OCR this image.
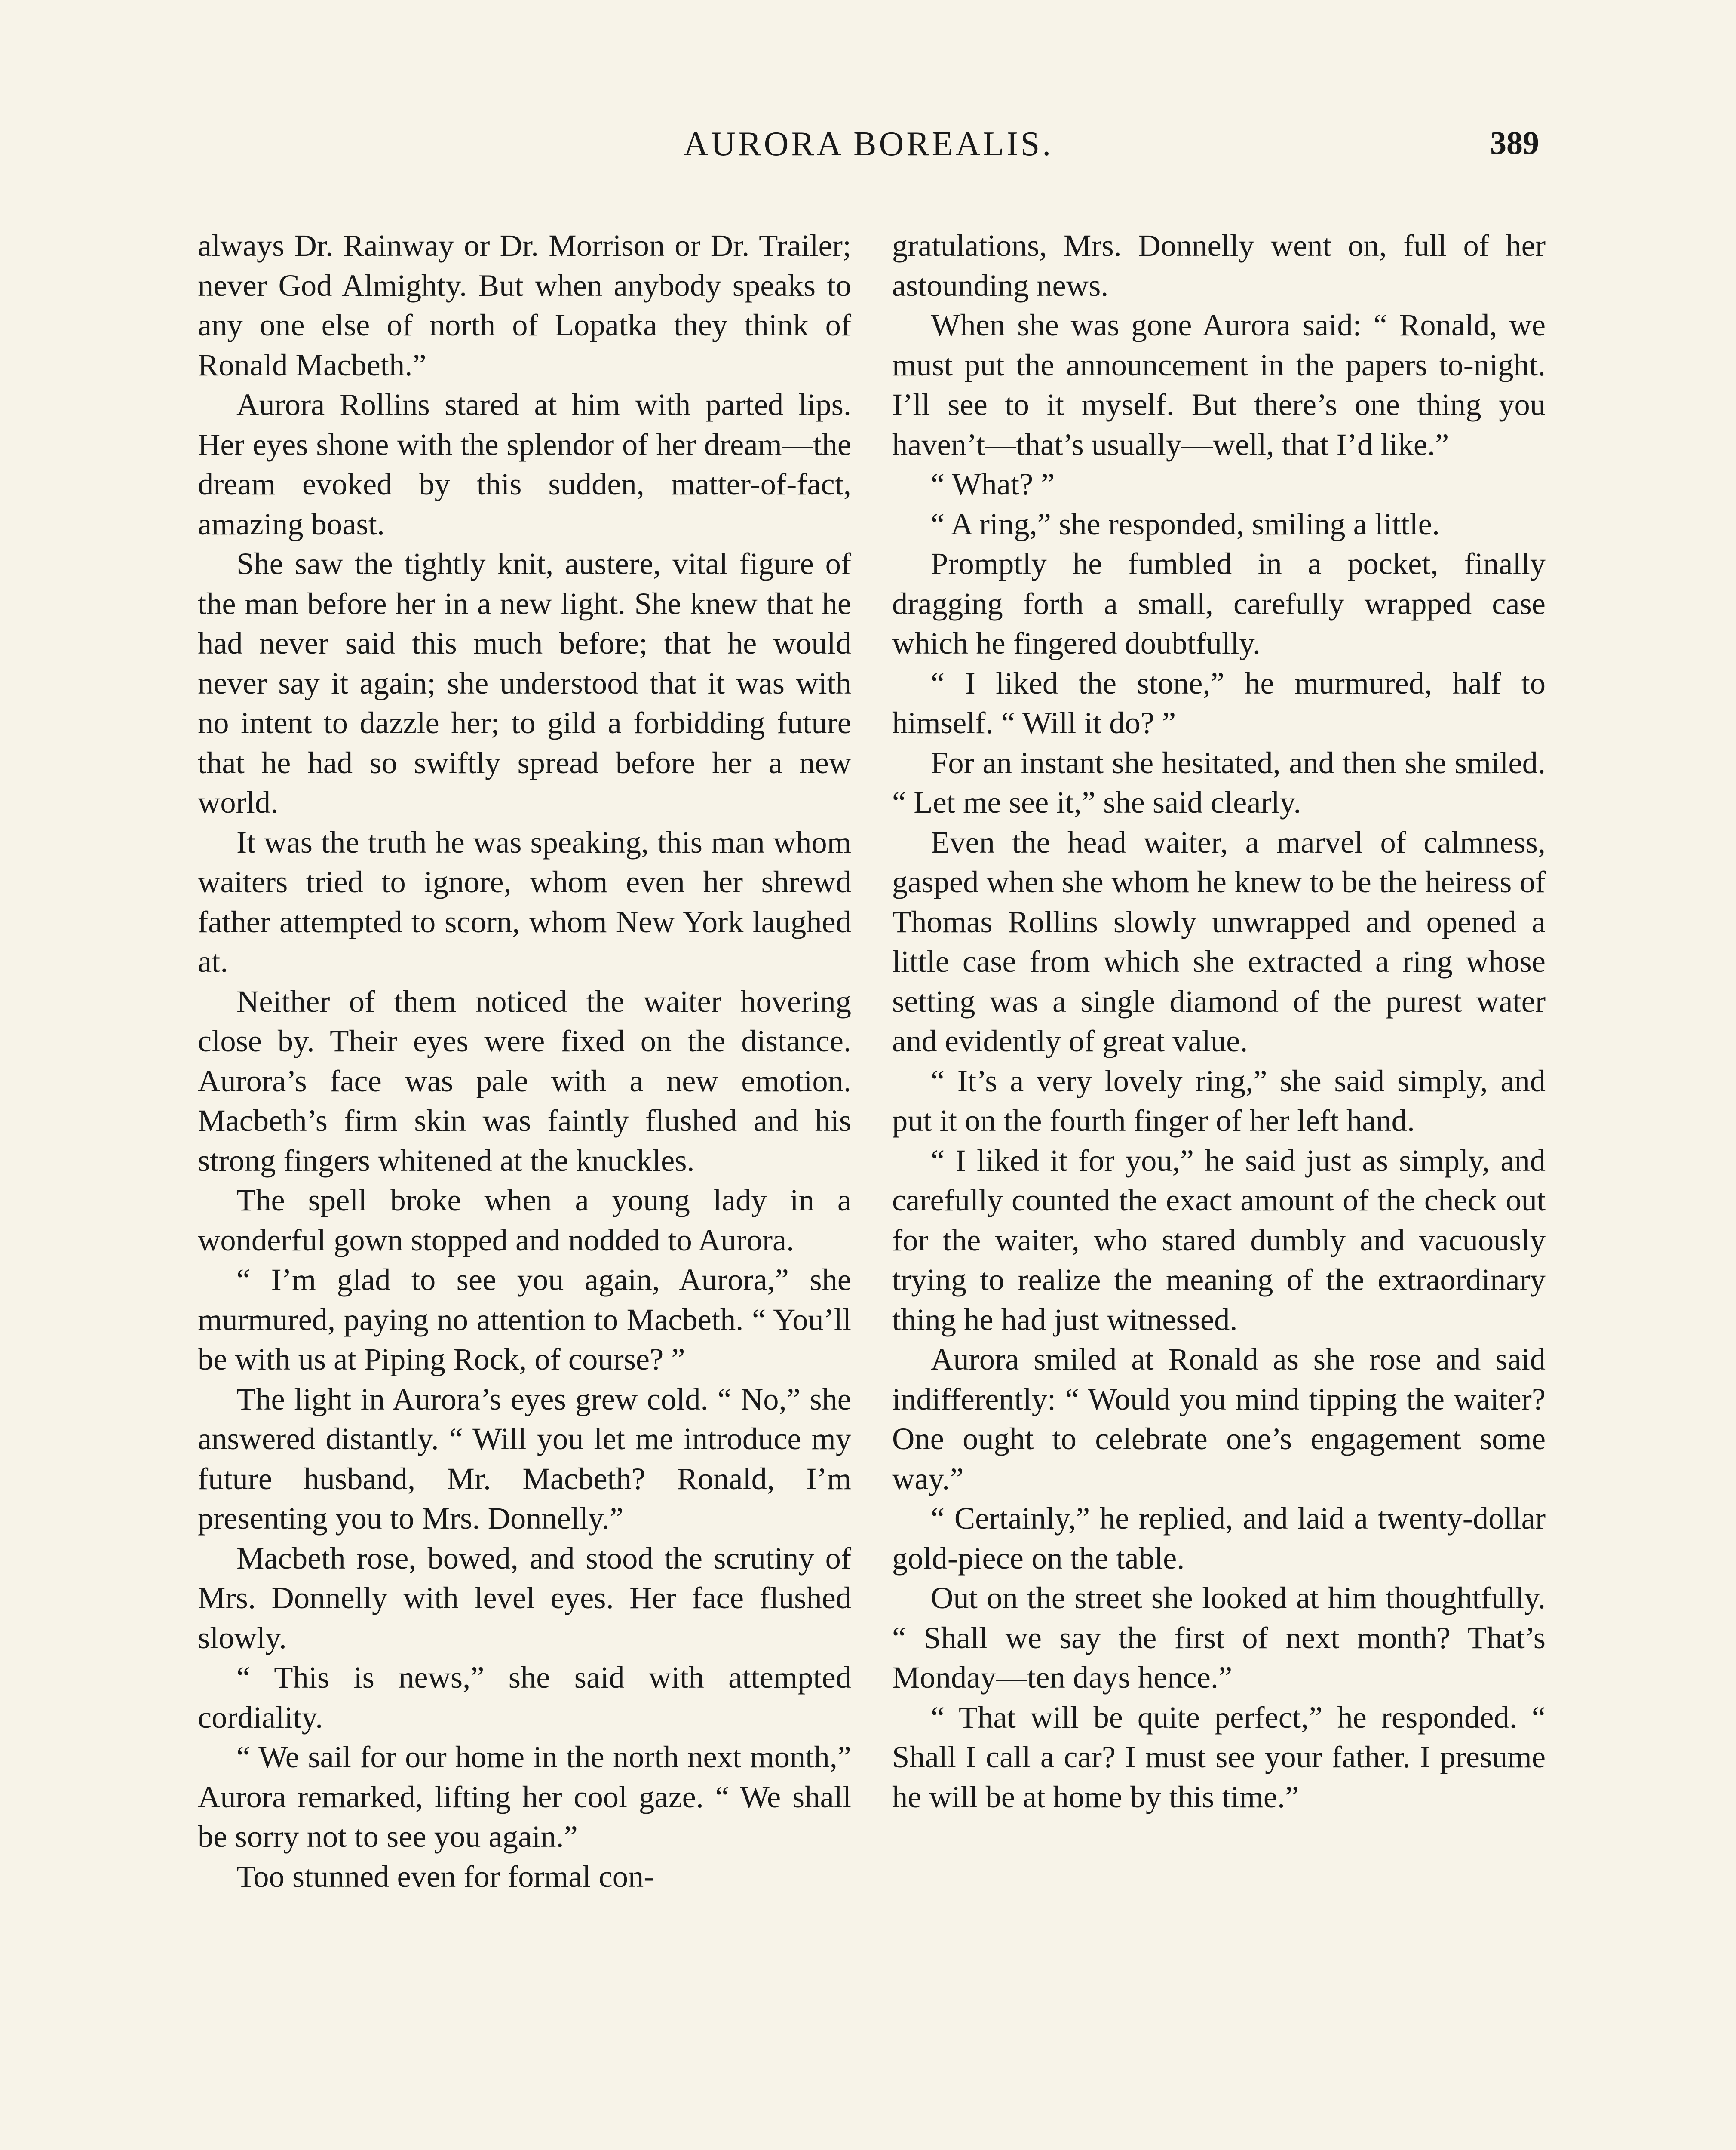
AURORA BOREALIS.	389

always Dr. Rainway or Dr. Morrison or Dr. Trailer; never God Almighty. But when anybody speaks to any one else of north of Lopatka they think of Ronald Macbeth.”

Aurora Rollins stared at him with parted lips. Her eyes shone with the splendor of her dream—the dream evoked by this sudden, matter-of-fact, amazing boast.

She saw the tightly knit, austere, vital figure of the man before her in a new light. She knew that he had never said this much before; that he would never say it again; she understood that it was with no intent to dazzle her; to gild a forbidding future that he had so swiftly spread before her a new world.

It was the truth he was speaking, this man whom waiters tried to ignore, whom even her shrewd father attempted to scorn, whom New York laughed at.

Neither of them noticed the waiter hovering close by. Their eyes were fixed on the distance. Aurora’s face was pale with a new emotion. Macbeth’s firm skin was faintly flushed and his strong fingers whitened at the knuckles.

The spell broke when a young lady in a wonderful gown stopped and nodded to Aurora.

“ I’m glad to see you again, Aurora,” she murmured, paying no attention to Macbeth. “ You’ll be with us at Piping Rock, of course? ”

The light in Aurora’s eyes grew cold. “ No,” she answered distantly. “ Will you let me introduce my future husband, Mr. Macbeth? Ronald, I’m presenting you to Mrs. Donnelly.”

Macbeth rose, bowed, and stood the scrutiny of Mrs. Donnelly with level eyes. Her face flushed slowly.

“ This is news,” she said with attempted cordiality.

“ We sail for our home in the north next month,” Aurora remarked, lifting her cool gaze. “ We shall be sorry not to see you again.”

Too stunned even for formal con-

gratulations, Mrs. Donnelly went on, full of her astounding news.

When she was gone Aurora said: “ Ronald, we must put the announcement in the papers to-night. I’ll see to it myself. But there’s one thing you haven’t—that’s usually—well, that I’d like.”

“ What? ”

“ A ring,” she responded, smiling a little.

Promptly he fumbled in a pocket, finally dragging forth a small, carefully wrapped case which he fingered doubtfully.

“ I liked the stone,” he murmured, half to himself. “ Will it do? ”

For an instant she hesitated, and then she smiled. “ Let me see it,” she said clearly.

Even the head waiter, a marvel of calmness, gasped when she whom he knew to be the heiress of Thomas Rollins slowly unwrapped and opened a little case from which she extracted a ring whose setting was a single diamond of the purest water and evidently of great value.

“ It’s a very lovely ring,” she said simply, and put it on the fourth finger of her left hand.

“ I liked it for you,” he said just as simply, and carefully counted the exact amount of the check out for the waiter, who stared dumbly and vacuously trying to realize the meaning of the extraordinary thing he had just witnessed.

Aurora smiled at Ronald as she rose and said indifferently: “ Would you mind tipping the waiter? One ought to celebrate one’s engagement some way.”

“ Certainly,” he replied, and laid a twenty-dollar gold-piece on the table.

Out on the street she looked at him thoughtfully. “ Shall we say the first of next month? That’s Monday—ten days hence.”

“ That will be quite perfect,” he responded. “ Shall I call a car? I must see your father. I presume he will be at home by this time.”
